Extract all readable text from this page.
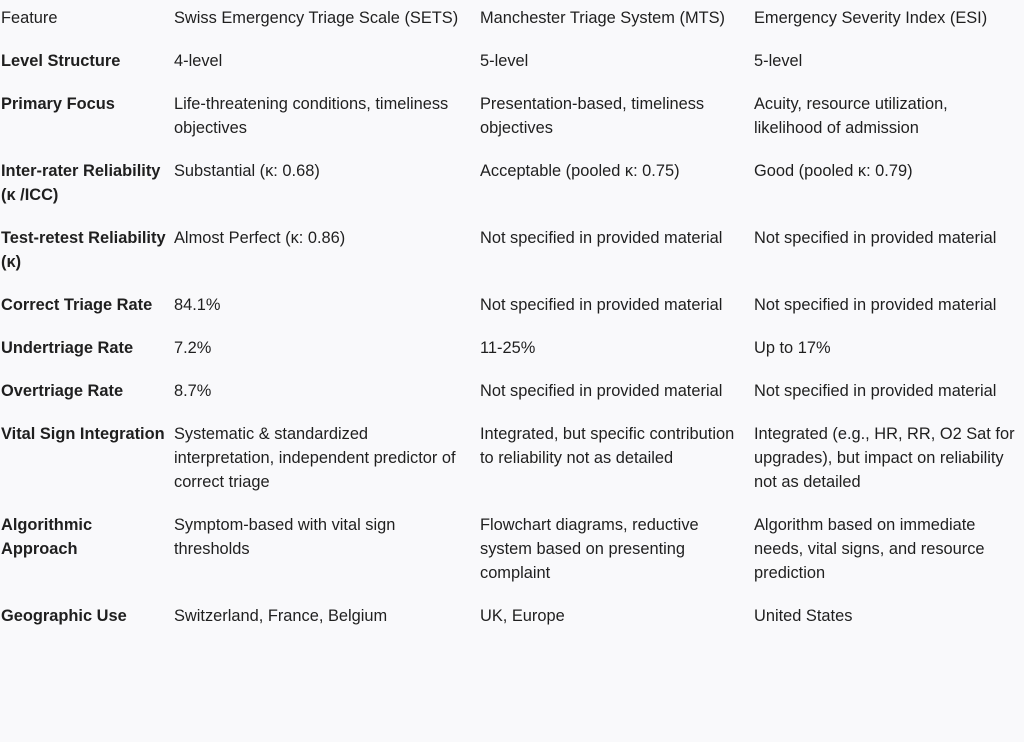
Feature	Swiss Emergency Triage Scale (SETS)	Manchester Triage System (MTS)	Emergency Severity Index (ESI)
Level Structure	4-level	5-level	5-level
Primary Focus	Life-threatening conditions, timeliness objectives	Presentation-based, timeliness objectives	Acuity, resource utilization, likelihood of admission
Inter-rater Reliability (κ /ICC)	Substantial (κ: 0.68)	Acceptable (pooled κ: 0.75)	Good (pooled κ: 0.79)
Test-retest Reliability (κ)	Almost Perfect (κ: 0.86)	Not specified in provided material	Not specified in provided material
Correct Triage Rate	84.1%	Not specified in provided material	Not specified in provided material
Undertriage Rate	7.2%	11-25%	Up to 17%
Overtriage Rate	8.7%	Not specified in provided material	Not specified in provided material
Vital Sign Integration	Systematic & standardized interpretation, independent predictor of correct triage	Integrated, but specific contribution to reliability not as detailed	Integrated (e.g., HR, RR, O2 Sat for upgrades), but impact on reliability not as detailed
Algorithmic Approach	Symptom-based with vital sign thresholds	Flowchart diagrams, reductive system based on presenting complaint	Algorithm based on immediate needs, vital signs, and resource prediction
Geographic Use	Switzerland, France, Belgium	UK, Europe	United States
